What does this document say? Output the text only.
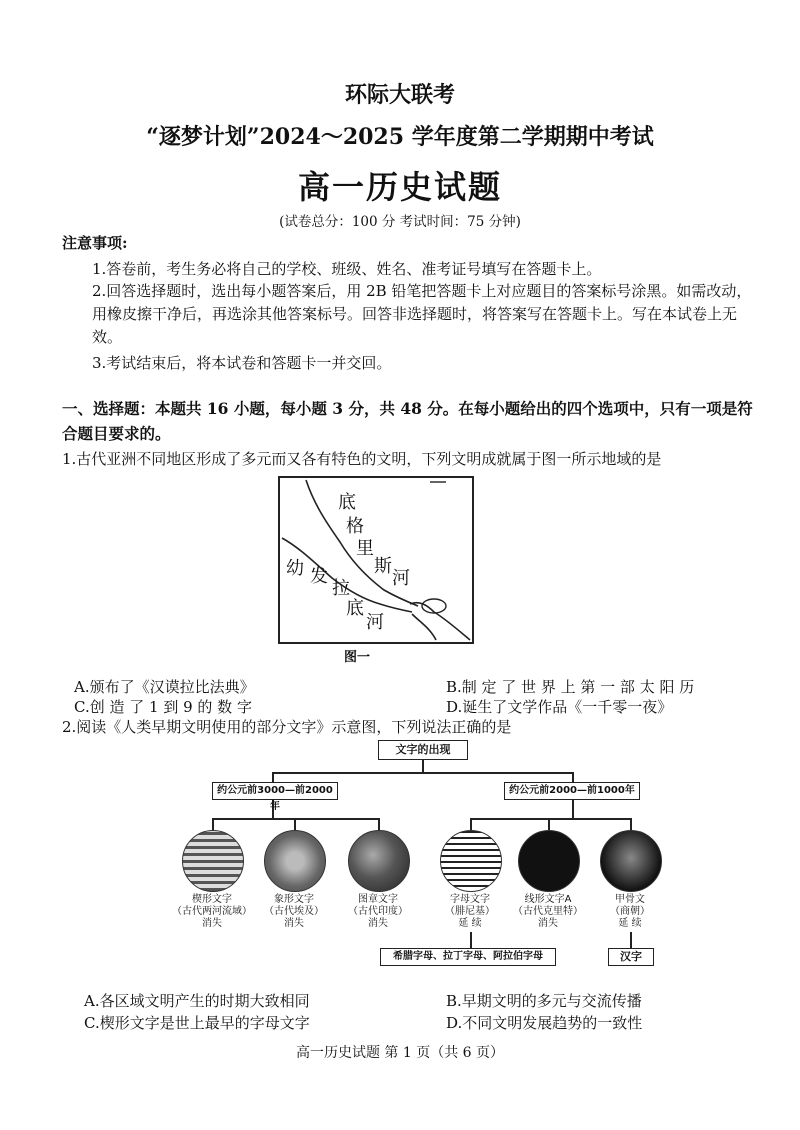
环际大联考
“逐梦计划”2024～2025 学年度第二学期期中考试
高一历史试题
(试卷总分：100 分 考试时间：75 分钟)
注意事项:
1.答卷前，考生务必将自己的学校、班级、姓名、准考证号填写在答题卡上。
2.回答选择题时，选出每小题答案后，用 2B 铅笔把答题卡上对应题目的答案标号涂黑。如需改动，用橡皮擦干净后，再选涂其他答案标号。回答非选择题时，将答案写在答题卡上。写在本试卷上无效。
3.考试结束后，将本试卷和答题卡一并交回。
一、选择题：本题共 16 小题，每小题 3 分，共 48 分。在每小题给出的四个选项中，只有一项是符合题目要求的。
1.古代亚洲不同地区形成了多元而又各有特色的文明，下列文明成就属于图一所示地域的是
底
格
里
斯
河
幼 发
拉
底
河
图一
A.颁布了《汉谟拉比法典》	B.制 定 了 世 界 上 第 一 部 太 阳 历
C.创 造 了 1 到 9 的 数 字	D.诞生了文学作品《一千零一夜》
2.阅读《人类早期文明使用的部分文字》示意图，下列说法正确的是
文字的出现
约公元前3000—前2000年
约公元前2000—前1000年
楔形文字
（古代两河流域）
消失
象形文字
（古代埃及）
消失
图章文字
（古代印度）
消失
字母文字
（腓尼基）
延 续
线形文字A
（古代克里特）
消失
甲骨文
（商朝）
延 续
希腊字母、拉丁字母、阿拉伯字母	汉字
A.各区域文明产生的时期大致相同	B.早期文明的多元与交流传播
C.楔形文字是世上最早的字母文字	D.不同文明发展趋势的一致性
高一历史试题 第 1 页（共 6 页）
